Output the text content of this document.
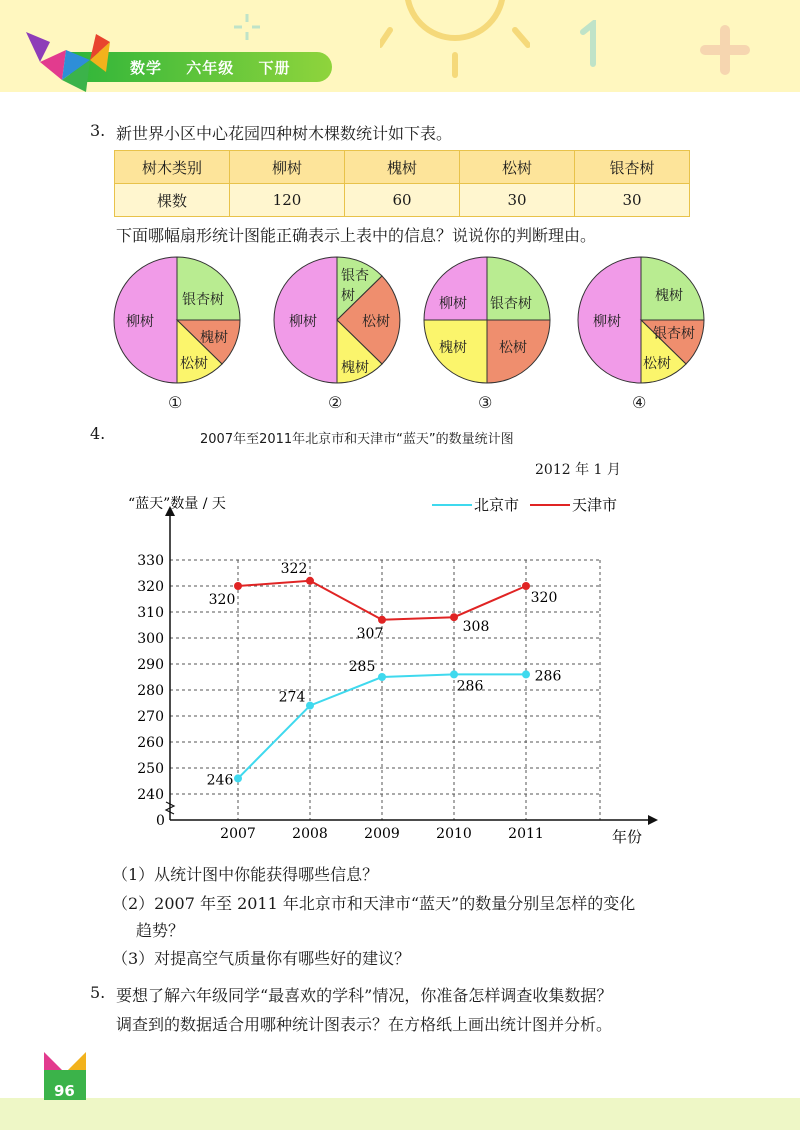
数学 六年级 下册
3. 新世界小区中心花园四种树木棵数统计如下表。
树木类别	柳树	槐树	松树	银杏树
棵数	120	60	30	30
下面哪幅扇形统计图能正确表示上表中的信息？说说你的判断理由。
柳树
银杏树
槐树
松树
①
柳树
银杏
树
松树
槐树
②
柳树 银杏树
槐树 松树
③
柳树
槐树
银杏树
松树
④
4.	2007年至2011年北京市和天津市“蓝天”的数量统计图
2012 年 1 月
“蓝天”数量 / 天
年份
0
北京市	天津市
240
250
260
270
280
290
300
310
320
330
2007	2008	2009	2010	2011
246
274
285
286
286
320
322
307	308
320
（1）从统计图中你能获得哪些信息？
（2）2007 年至 2011 年北京市和天津市“蓝天”的数量分别呈怎样的变化
趋势？
（3）对提高空气质量你有哪些好的建议？
5. 要想了解六年级同学“最喜欢的学科”情况，你准备怎样调查收集数据？
调查到的数据适合用哪种统计图表示？在方格纸上画出统计图并分析。
96
